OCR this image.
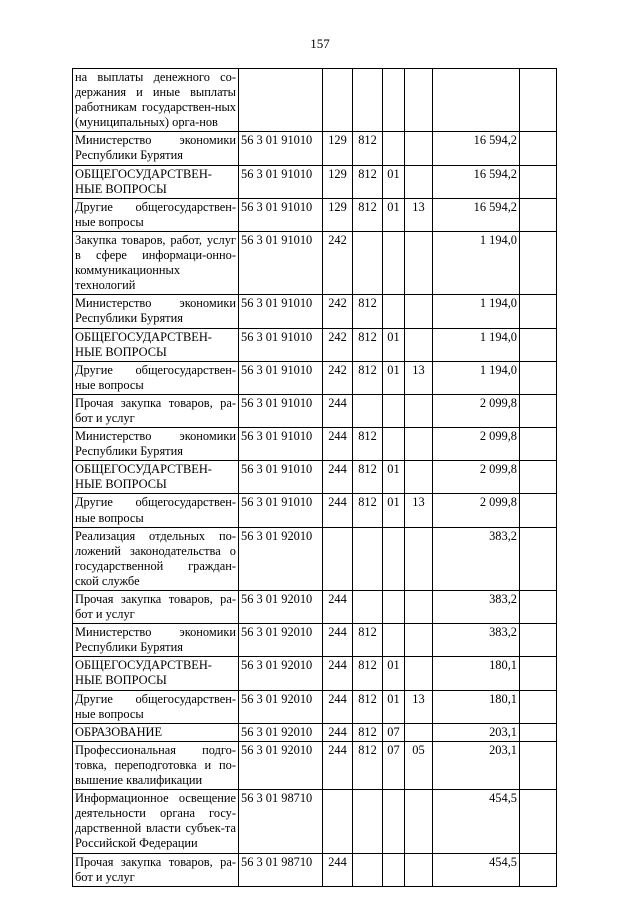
157
на выплаты денежного со-держания и иные выплаты работникам государствен-ных (муниципальных) орга-нов							
Министерство экономики Республики Бурятия	56 3 01 91010	129	812			16 594,2	
ОБЩЕГОСУДАРСТВЕН-НЫЕ ВОПРОСЫ	56 3 01 91010	129	812	01		16 594,2	
Другие общегосударствен-ные вопросы	56 3 01 91010	129	812	01	13	16 594,2	
Закупка товаров, работ, услуг в сфере информаци-онно-коммуникационных технологий	56 3 01 91010	242				1 194,0	
Министерство экономики Республики Бурятия	56 3 01 91010	242	812			1 194,0	
ОБЩЕГОСУДАРСТВЕН-НЫЕ ВОПРОСЫ	56 3 01 91010	242	812	01		1 194,0	
Другие общегосударствен-ные вопросы	56 3 01 91010	242	812	01	13	1 194,0	
Прочая закупка товаров, ра-бот и услуг	56 3 01 91010	244				2 099,8	
Министерство экономики Республики Бурятия	56 3 01 91010	244	812			2 099,8	
ОБЩЕГОСУДАРСТВЕН-НЫЕ ВОПРОСЫ	56 3 01 91010	244	812	01		2 099,8	
Другие общегосударствен-ные вопросы	56 3 01 91010	244	812	01	13	2 099,8	
Реализация отдельных по-ложений законодательства о государственной граждан-ской службе	56 3 01 92010					383,2	
Прочая закупка товаров, ра-бот и услуг	56 3 01 92010	244				383,2	
Министерство экономики Республики Бурятия	56 3 01 92010	244	812			383,2	
ОБЩЕГОСУДАРСТВЕН-НЫЕ ВОПРОСЫ	56 3 01 92010	244	812	01		180,1	
Другие общегосударствен-ные вопросы	56 3 01 92010	244	812	01	13	180,1	
ОБРАЗОВАНИЕ	56 3 01 92010	244	812	07		203,1	
Профессиональная подго-товка, переподготовка и по-вышение квалификации	56 3 01 92010	244	812	07	05	203,1	
Информационное освещение деятельности органа госу-дарственной власти субъек-та Российской Федерации	56 3 01 98710					454,5	
Прочая закупка товаров, ра-бот и услуг	56 3 01 98710	244				454,5	
